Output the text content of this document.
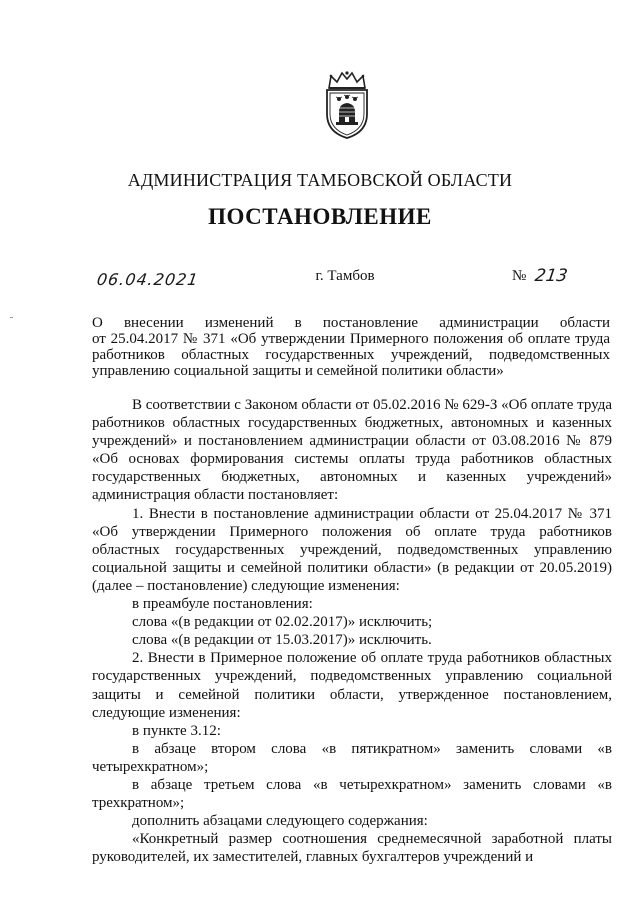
АДМИНИСТРАЦИЯ ТАМБОВСКОЙ ОБЛАСТИ
ПОСТАНОВЛЕНИЕ
06.04.2021	г. Тамбов	№ 213
О внесении изменений в постановление администрации области
от 25.04.2017 № 371 «Об утверждении Примерного положения об оплате труда
работников областных государственных учреждений, подведомственных
управлению социальной защиты и семейной политики области»

В соответствии с Законом области от 05.02.2016 № 629-З «Об оплате труда работников областных государственных бюджетных, автономных и казенных учреждений» и постановлением администрации области от 03.08.2016 № 879 «Об основах формирования системы оплаты труда работников областных государственных бюджетных, автономных и казенных учреждений» администрация области постановляет:

1. Внести в постановление администрации области от 25.04.2017 № 371 «Об утверждении Примерного положения об оплате труда работников областных государственных учреждений, подведомственных управлению социальной защиты и семейной политики области» (в редакции от 20.05.2019) (далее – постановление) следующие изменения:

в преамбуле постановления:

слова «(в редакции от 02.02.2017)» исключить;

слова «(в редакции от 15.03.2017)» исключить.

2. Внести в Примерное положение об оплате труда работников областных государственных учреждений, подведомственных управлению социальной защиты и семейной политики области, утвержденное постановлением, следующие изменения:

в пункте 3.12:

в абзаце втором слова «в пятикратном» заменить словами «в четырехкратном»;

в абзаце третьем слова «в четырехкратном» заменить словами «в трехкратном»;

дополнить абзацами следующего содержания:

«Конкретный размер соотношения среднемесячной заработной платы руководителей, их заместителей, главных бухгалтеров учреждений и
